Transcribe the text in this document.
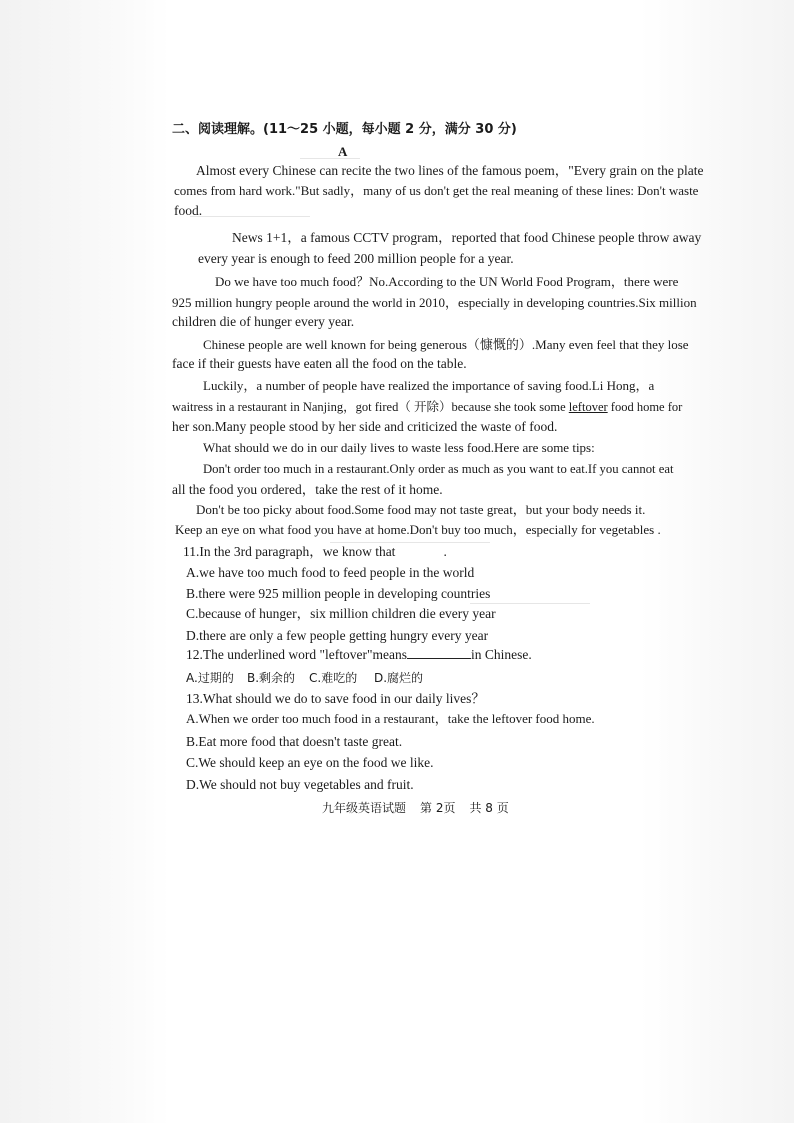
二、阅读理解。(11～25 小题，每小题 2 分，满分 30 分)
A
Almost every Chinese can recite the two lines of the famous poem，"Every grain on the plate
comes from hard work."But sadly，many of us don't get the real meaning of these lines: Don't waste
food.
News 1+1，a famous CCTV program，reported that food Chinese people throw away
every year is enough to feed 200 million people for a year.
Do we have too much food？No.According to the UN World Food Program，there were
925 million hungry people around the world in 2010，especially in developing countries.Six million
children die of hunger every year.
Chinese people are well known for being generous（慷慨的）.Many even feel that they lose
face if their guests have eaten all the food on the table.
Luckily，a number of people have realized the importance of saving food.Li Hong，a
waitress in a restaurant in Nanjing，got fired（ 开除）because she took some leftover food home for
her son.Many people stood by her side and criticized the waste of food.
What should we do in our daily lives to waste less food.Here are some tips:
Don't order too much in a restaurant.Only order as much as you want to eat.If you cannot eat
all the food you ordered，take the rest of it home.
Don't be too picky about food.Some food may not taste great，but your body needs it.
Keep an eye on what food you have at home.Don't buy too much，especially for vegetables .
11.In the 3rd paragraph，we know that	.
A.we have too much food to feed people in the world
B.there were 925 million people in developing countries
C.because of hunger，six million children die every year
D.there are only a few people getting hungry every year
12.The underlined word "leftover"means	in Chinese.
A.过期的 B.剩余的 C.难吃的 D.腐烂的
13.What should we do to save food in our daily lives？
A.When we order too much food in a restaurant，take the leftover food home.
B.Eat more food that doesn't taste great.
C.We should keep an eye on the food we like.
D.We should not buy vegetables and fruit.
九年级英语试题 第 2页 共 8 页
